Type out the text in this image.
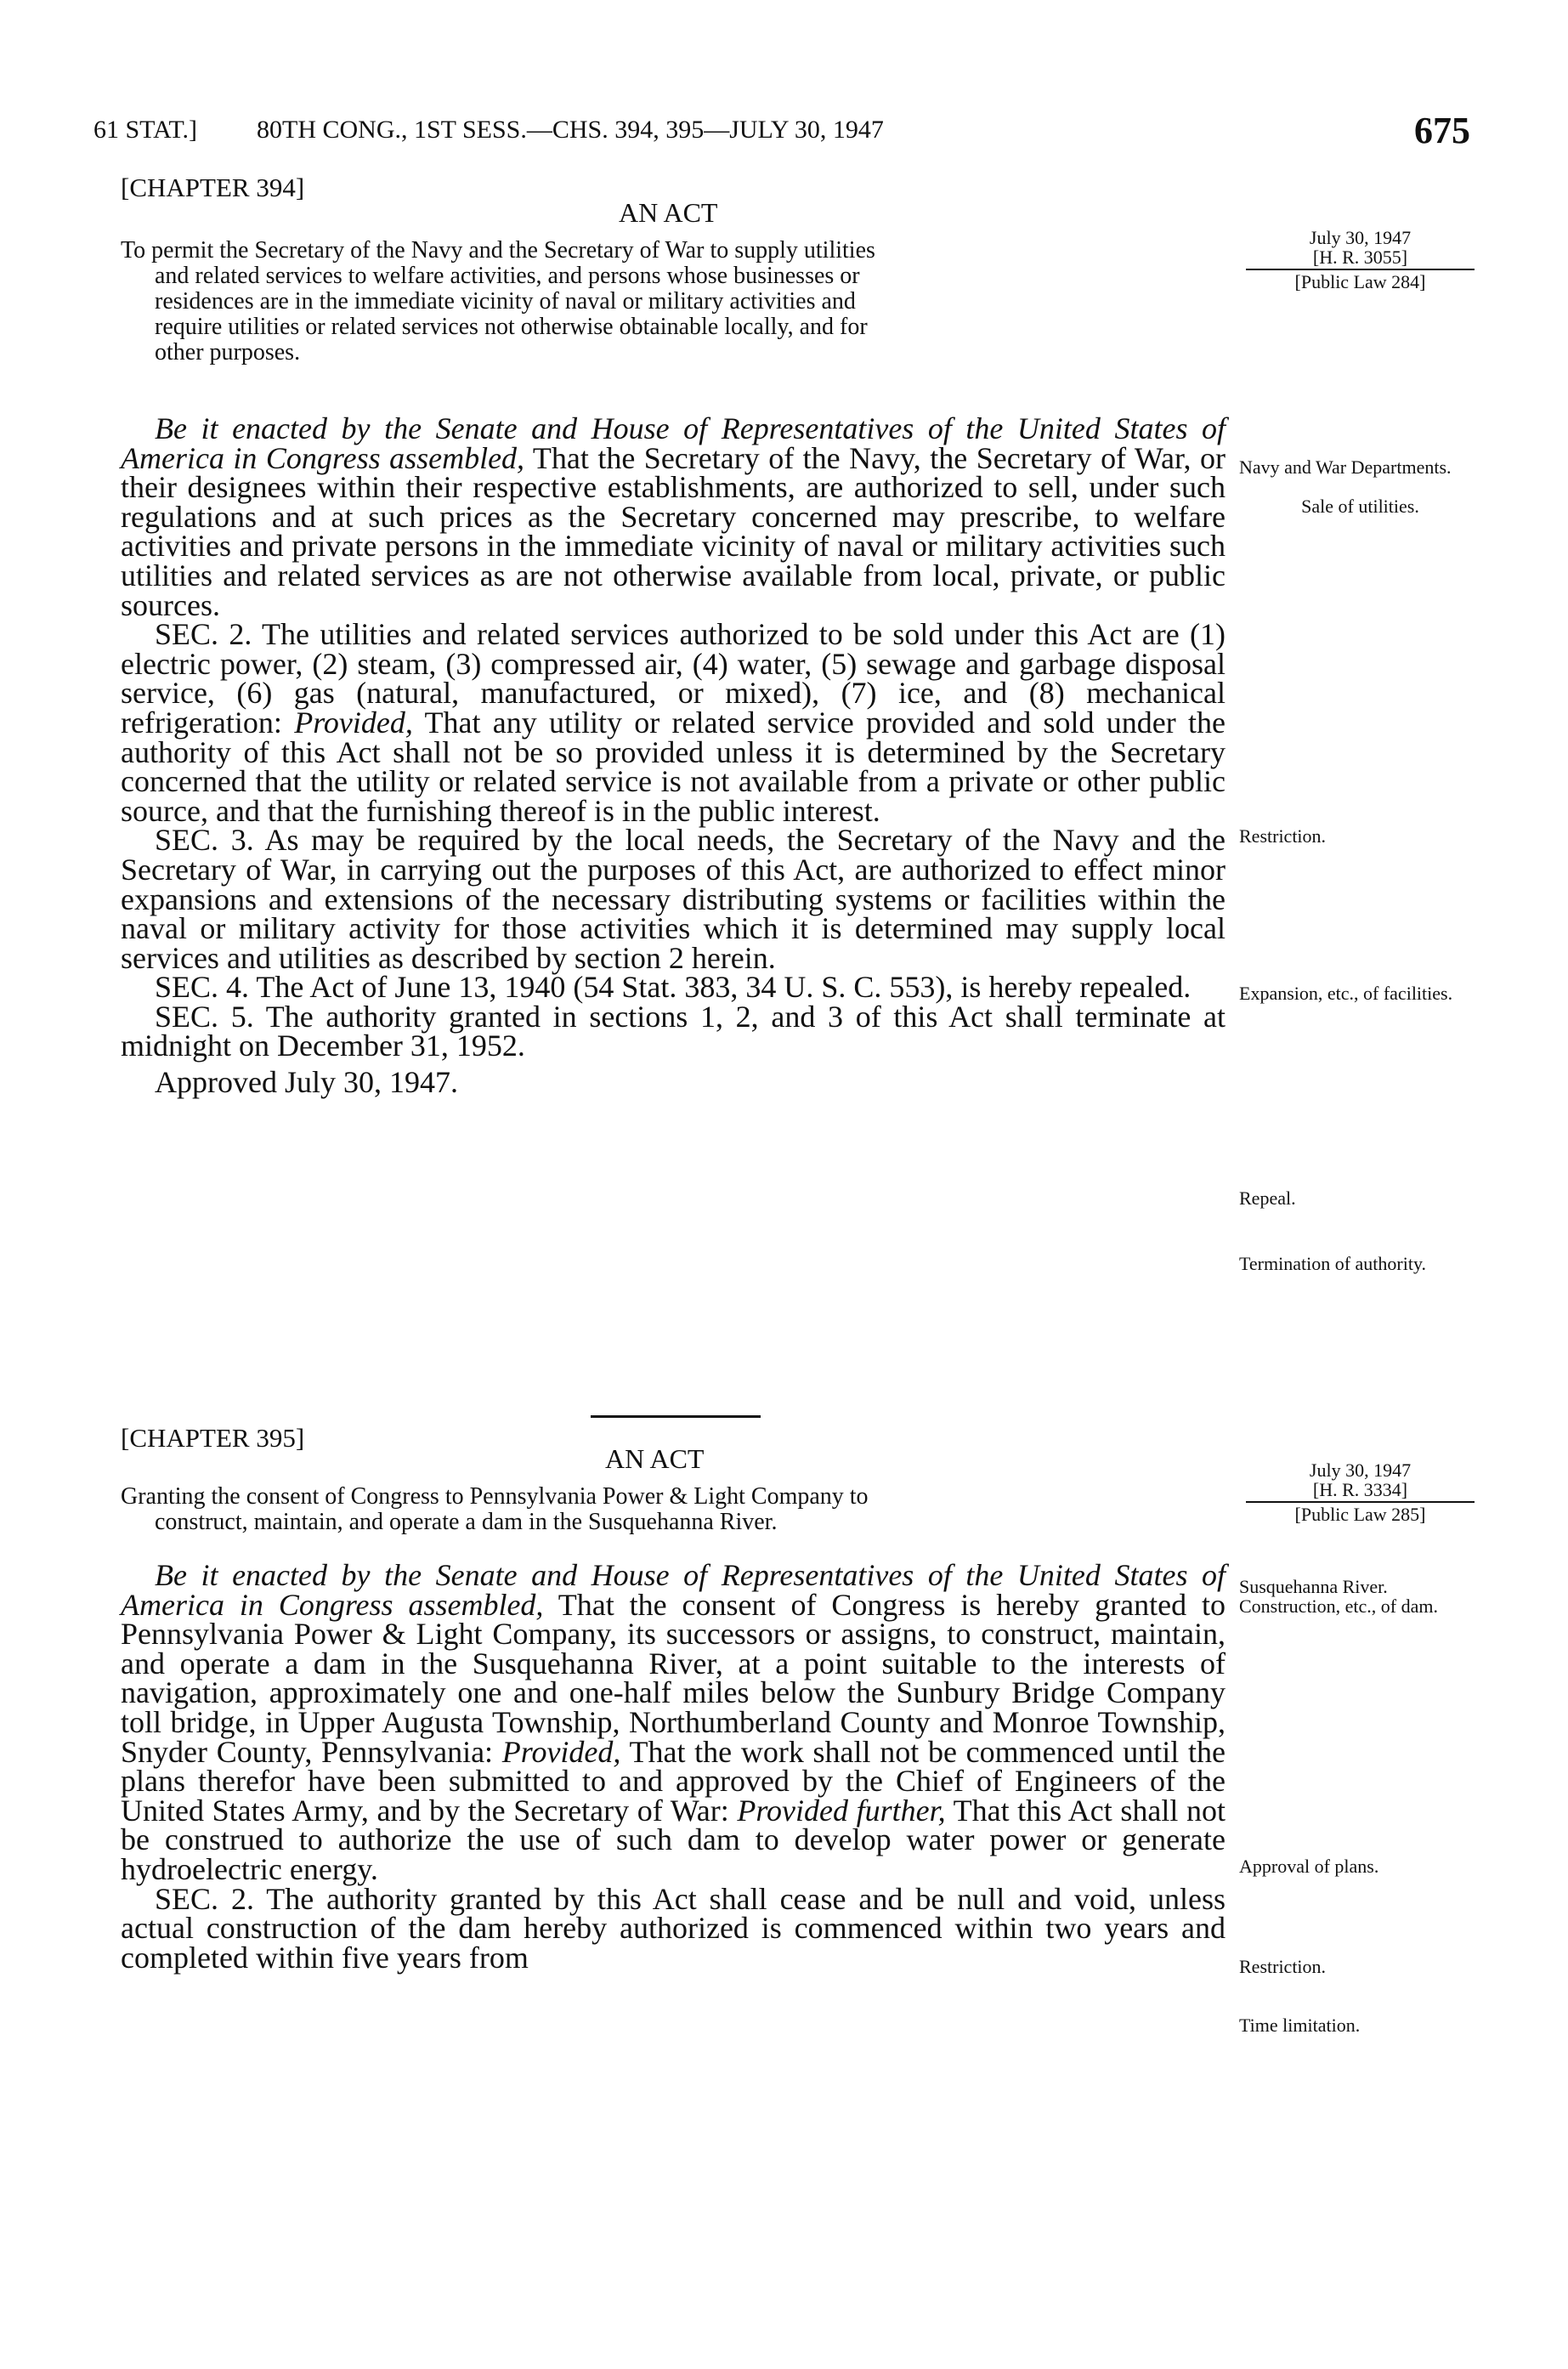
61 STAT.] 80TH CONG., 1ST SESS.—CHS. 394, 395—JULY 30, 1947	675
[CHAPTER 394]
AN ACT
To permit the Secretary of the Navy and the Secretary of War to supply utilities
and related services to welfare activities, and persons whose businesses or
residences are in the immediate vicinity of naval or military activities and
require utilities or related services not otherwise obtainable locally, and for
other purposes.
July 30, 1947
[H. R. 3055]
[Public Law 284]

Be it enacted by the Senate and House of Representatives of the United States of America in Congress assembled, That the Secretary of the Navy, the Secretary of War, or their designees within their respective establishments, are authorized to sell, under such regulations and at such prices as the Secretary concerned may prescribe, to welfare activities and private persons in the immediate vicinity of naval or military activities such utilities and related services as are not otherwise available from local, private, or public sources.

SEC. 2. The utilities and related services authorized to be sold under this Act are (1) electric power, (2) steam, (3) compressed air, (4) water, (5) sewage and garbage disposal service, (6) gas (natural, manufactured, or mixed), (7) ice, and (8) mechanical refrigeration: Provided, That any utility or related service provided and sold under the authority of this Act shall not be so provided unless it is determined by the Secretary concerned that the utility or related service is not available from a private or other public source, and that the furnishing thereof is in the public interest.

SEC. 3. As may be required by the local needs, the Secretary of the Navy and the Secretary of War, in carrying out the purposes of this Act, are authorized to effect minor expansions and extensions of the necessary distributing systems or facilities within the naval or military activity for those activities which it is determined may supply local services and utilities as described by section 2 herein.

SEC. 4. The Act of June 13, 1940 (54 Stat. 383, 34 U. S. C. 553), is hereby repealed.

SEC. 5. The authority granted in sections 1, 2, and 3 of this Act shall terminate at midnight on December 31, 1952.

Approved July 30, 1947.

Navy and War Departments.
Sale of utilities.
Restriction.
Expansion, etc., of facilities.
Repeal.
Termination of authority.
[CHAPTER 395]
AN ACT
Granting the consent of Congress to Pennsylvania Power & Light Company to
construct, maintain, and operate a dam in the Susquehanna River.
July 30, 1947
[H. R. 3334]
[Public Law 285]

Be it enacted by the Senate and House of Representatives of the United States of America in Congress assembled, That the consent of Congress is hereby granted to Pennsylvania Power & Light Company, its successors or assigns, to construct, maintain, and operate a dam in the Susquehanna River, at a point suitable to the interests of navigation, approximately one and one-half miles below the Sunbury Bridge Company toll bridge, in Upper Augusta Township, Northumberland County and Monroe Township, Snyder County, Pennsylvania: Provided, That the work shall not be commenced until the plans therefor have been submitted to and approved by the Chief of Engineers of the United States Army, and by the Secretary of War: Provided further, That this Act shall not be construed to authorize the use of such dam to develop water power or generate hydroelectric energy.

SEC. 2. The authority granted by this Act shall cease and be null and void, unless actual construction of the dam hereby authorized is commenced within two years and completed within five years from

Susquehanna River.
Construction, etc., of dam.
Approval of plans.
Restriction.
Time limitation.
